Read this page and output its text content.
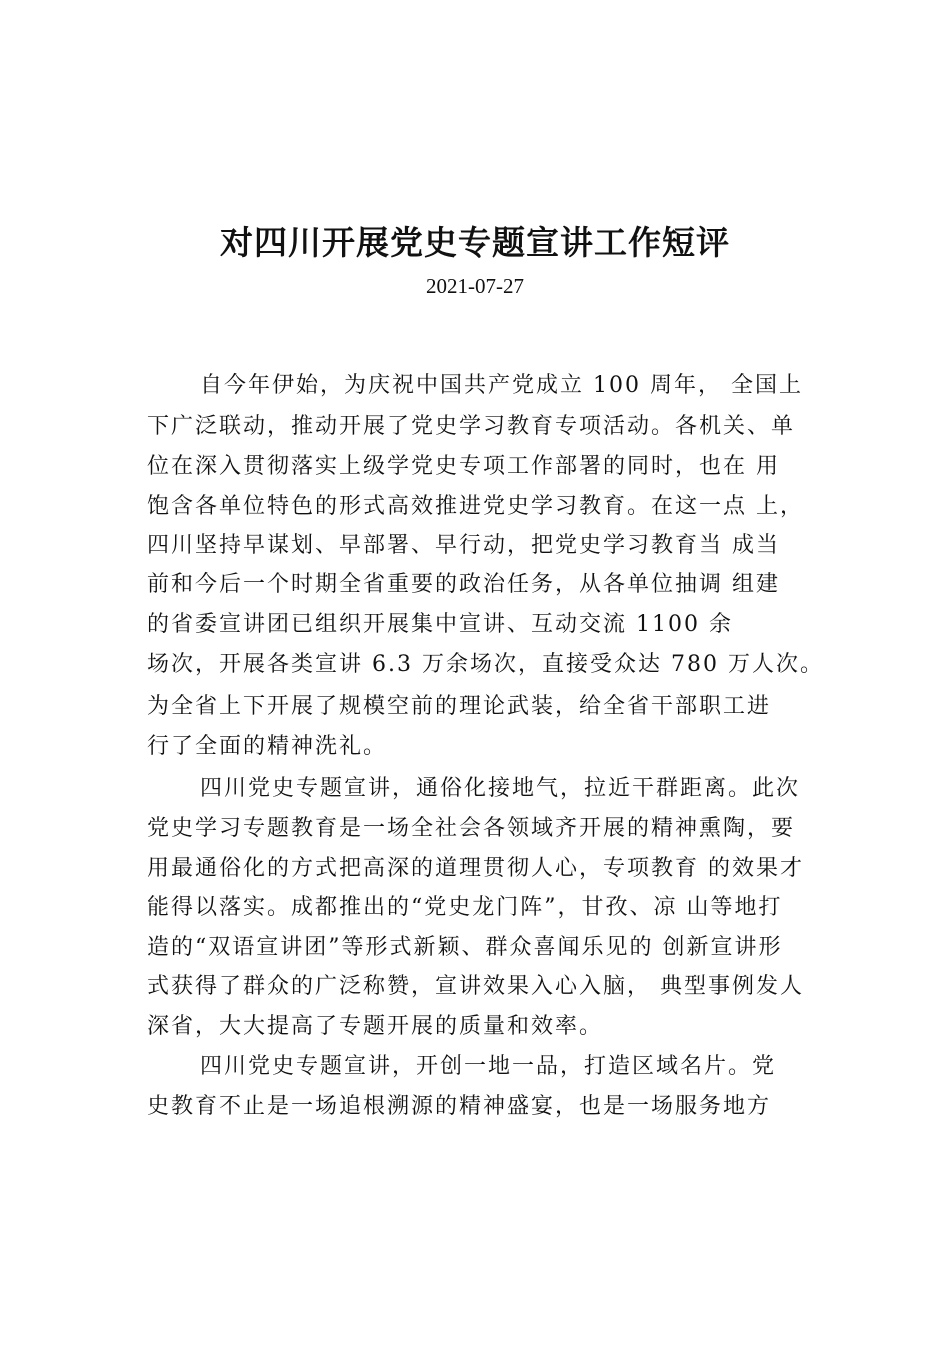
对四川开展党史专题宣讲工作短评
2021-07-27
自今年伊始，为庆祝中国共产党成立 100 周年， 全国上
下广泛联动，推动开展了党史学习教育专项活动。各机关、单
位在深入贯彻落实上级学党史专项工作部署的同时，也在 用
饱含各单位特色的形式高效推进党史学习教育。在这一点 上，
四川坚持早谋划、早部署、早行动，把党史学习教育当 成当
前和今后一个时期全省重要的政治任务，从各单位抽调 组建
的省委宣讲团已组织开展集中宣讲、互动交流 1100 余
场次，开展各类宣讲 6.3 万余场次，直接受众达 780 万人次。
为全省上下开展了规模空前的理论武装，给全省干部职工进
行了全面的精神洗礼。
四川党史专题宣讲，通俗化接地气，拉近干群距离。此次
党史学习专题教育是一场全社会各领域齐开展的精神熏陶，要
用最通俗化的方式把高深的道理贯彻人心，专项教育 的效果才
能得以落实。成都推出的“党史龙门阵”，甘孜、凉 山等地打
造的“双语宣讲团”等形式新颖、群众喜闻乐见的 创新宣讲形
式获得了群众的广泛称赞，宣讲效果入心入脑， 典型事例发人
深省，大大提高了专题开展的质量和效率。
四川党史专题宣讲，开创一地一品，打造区域名片。党
史教育不止是一场追根溯源的精神盛宴，也是一场服务地方
